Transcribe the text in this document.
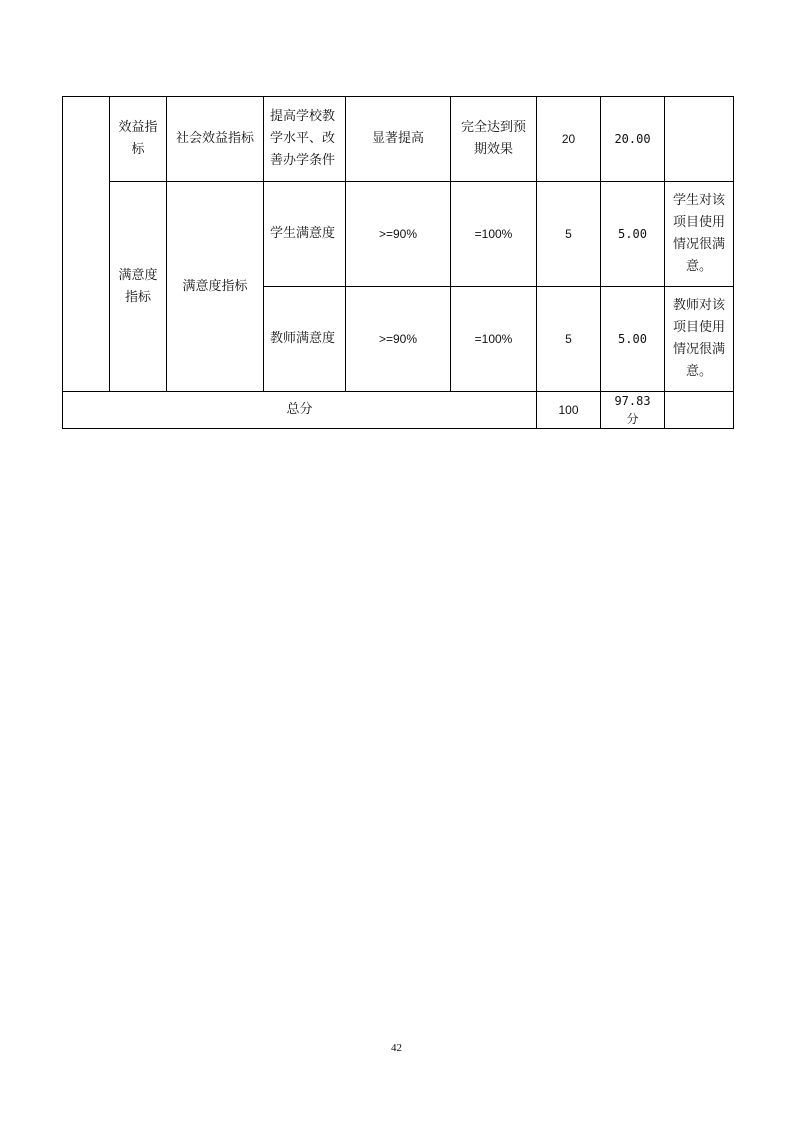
	效益指标	社会效益指标	提高学校教学水平、改善办学条件	显著提高	完全达到预期效果	20	20.00	
	满意度指标	满意度指标	学生满意度	>=90%	=100%	5	5.00	学生对该项目使用情况很满意。
			教师满意度	>=90%	=100%	5	5.00	教师对该项目使用情况很满意。
总分						100	97.83 分	
42
